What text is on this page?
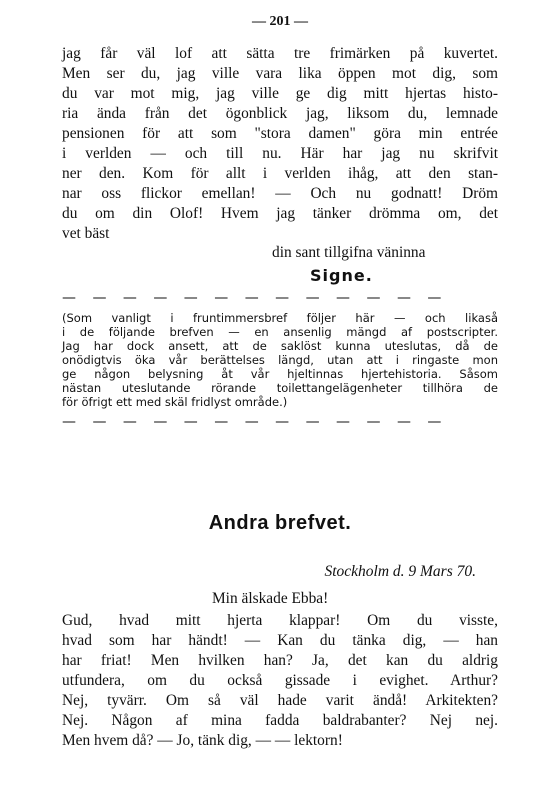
— 201 —
jag får väl lof att sätta tre frimärken på kuvertet.
Men ser du, jag ville vara lika öppen mot dig, som
du var mot mig, jag ville ge dig mitt hjertas histo-
ria ända från det ögonblick jag, liksom du, lemnade
pensionen för att som "stora damen" göra min entrée
i verlden — och till nu. Här har jag nu skrifvit
ner den. Kom för allt i verlden ihåg, att den stan-
nar oss flickor emellan! — Och nu godnatt! Dröm
du om din Olof! Hvem jag tänker drömma om, det
vet bäst
din sant tillgifna väninna
Signe.
— — — — — — — — — — — — —
(Som vanligt i fruntimmersbref följer här — och likaså
i de följande brefven — en ansenlig mängd af postscripter.
Jag har dock ansett, att de saklöst kunna uteslutas, då de
onödigtvis öka vår berättelses längd, utan att i ringaste mon
ge någon belysning åt vår hjeltinnas hjertehistoria. Såsom
nästan uteslutande rörande toilettangelägenheter tillhöra de
för öfrigt ett med skäl fridlyst område.)
— — — — — — — — — — — — —
Andra brefvet.
Stockholm d. 9 Mars 70.
Min älskade Ebba!
Gud, hvad mitt hjerta klappar! Om du visste,
hvad som har händt! — Kan du tänka dig, — han
har friat! Men hvilken han? Ja, det kan du aldrig
utfundera, om du också gissade i evighet. Arthur?
Nej, tyvärr. Om så väl hade varit ändå! Arkitekten?
Nej. Någon af mina fadda baldrabanter? Nej nej.
Men hvem då? — Jo, tänk dig, — — lektorn!
